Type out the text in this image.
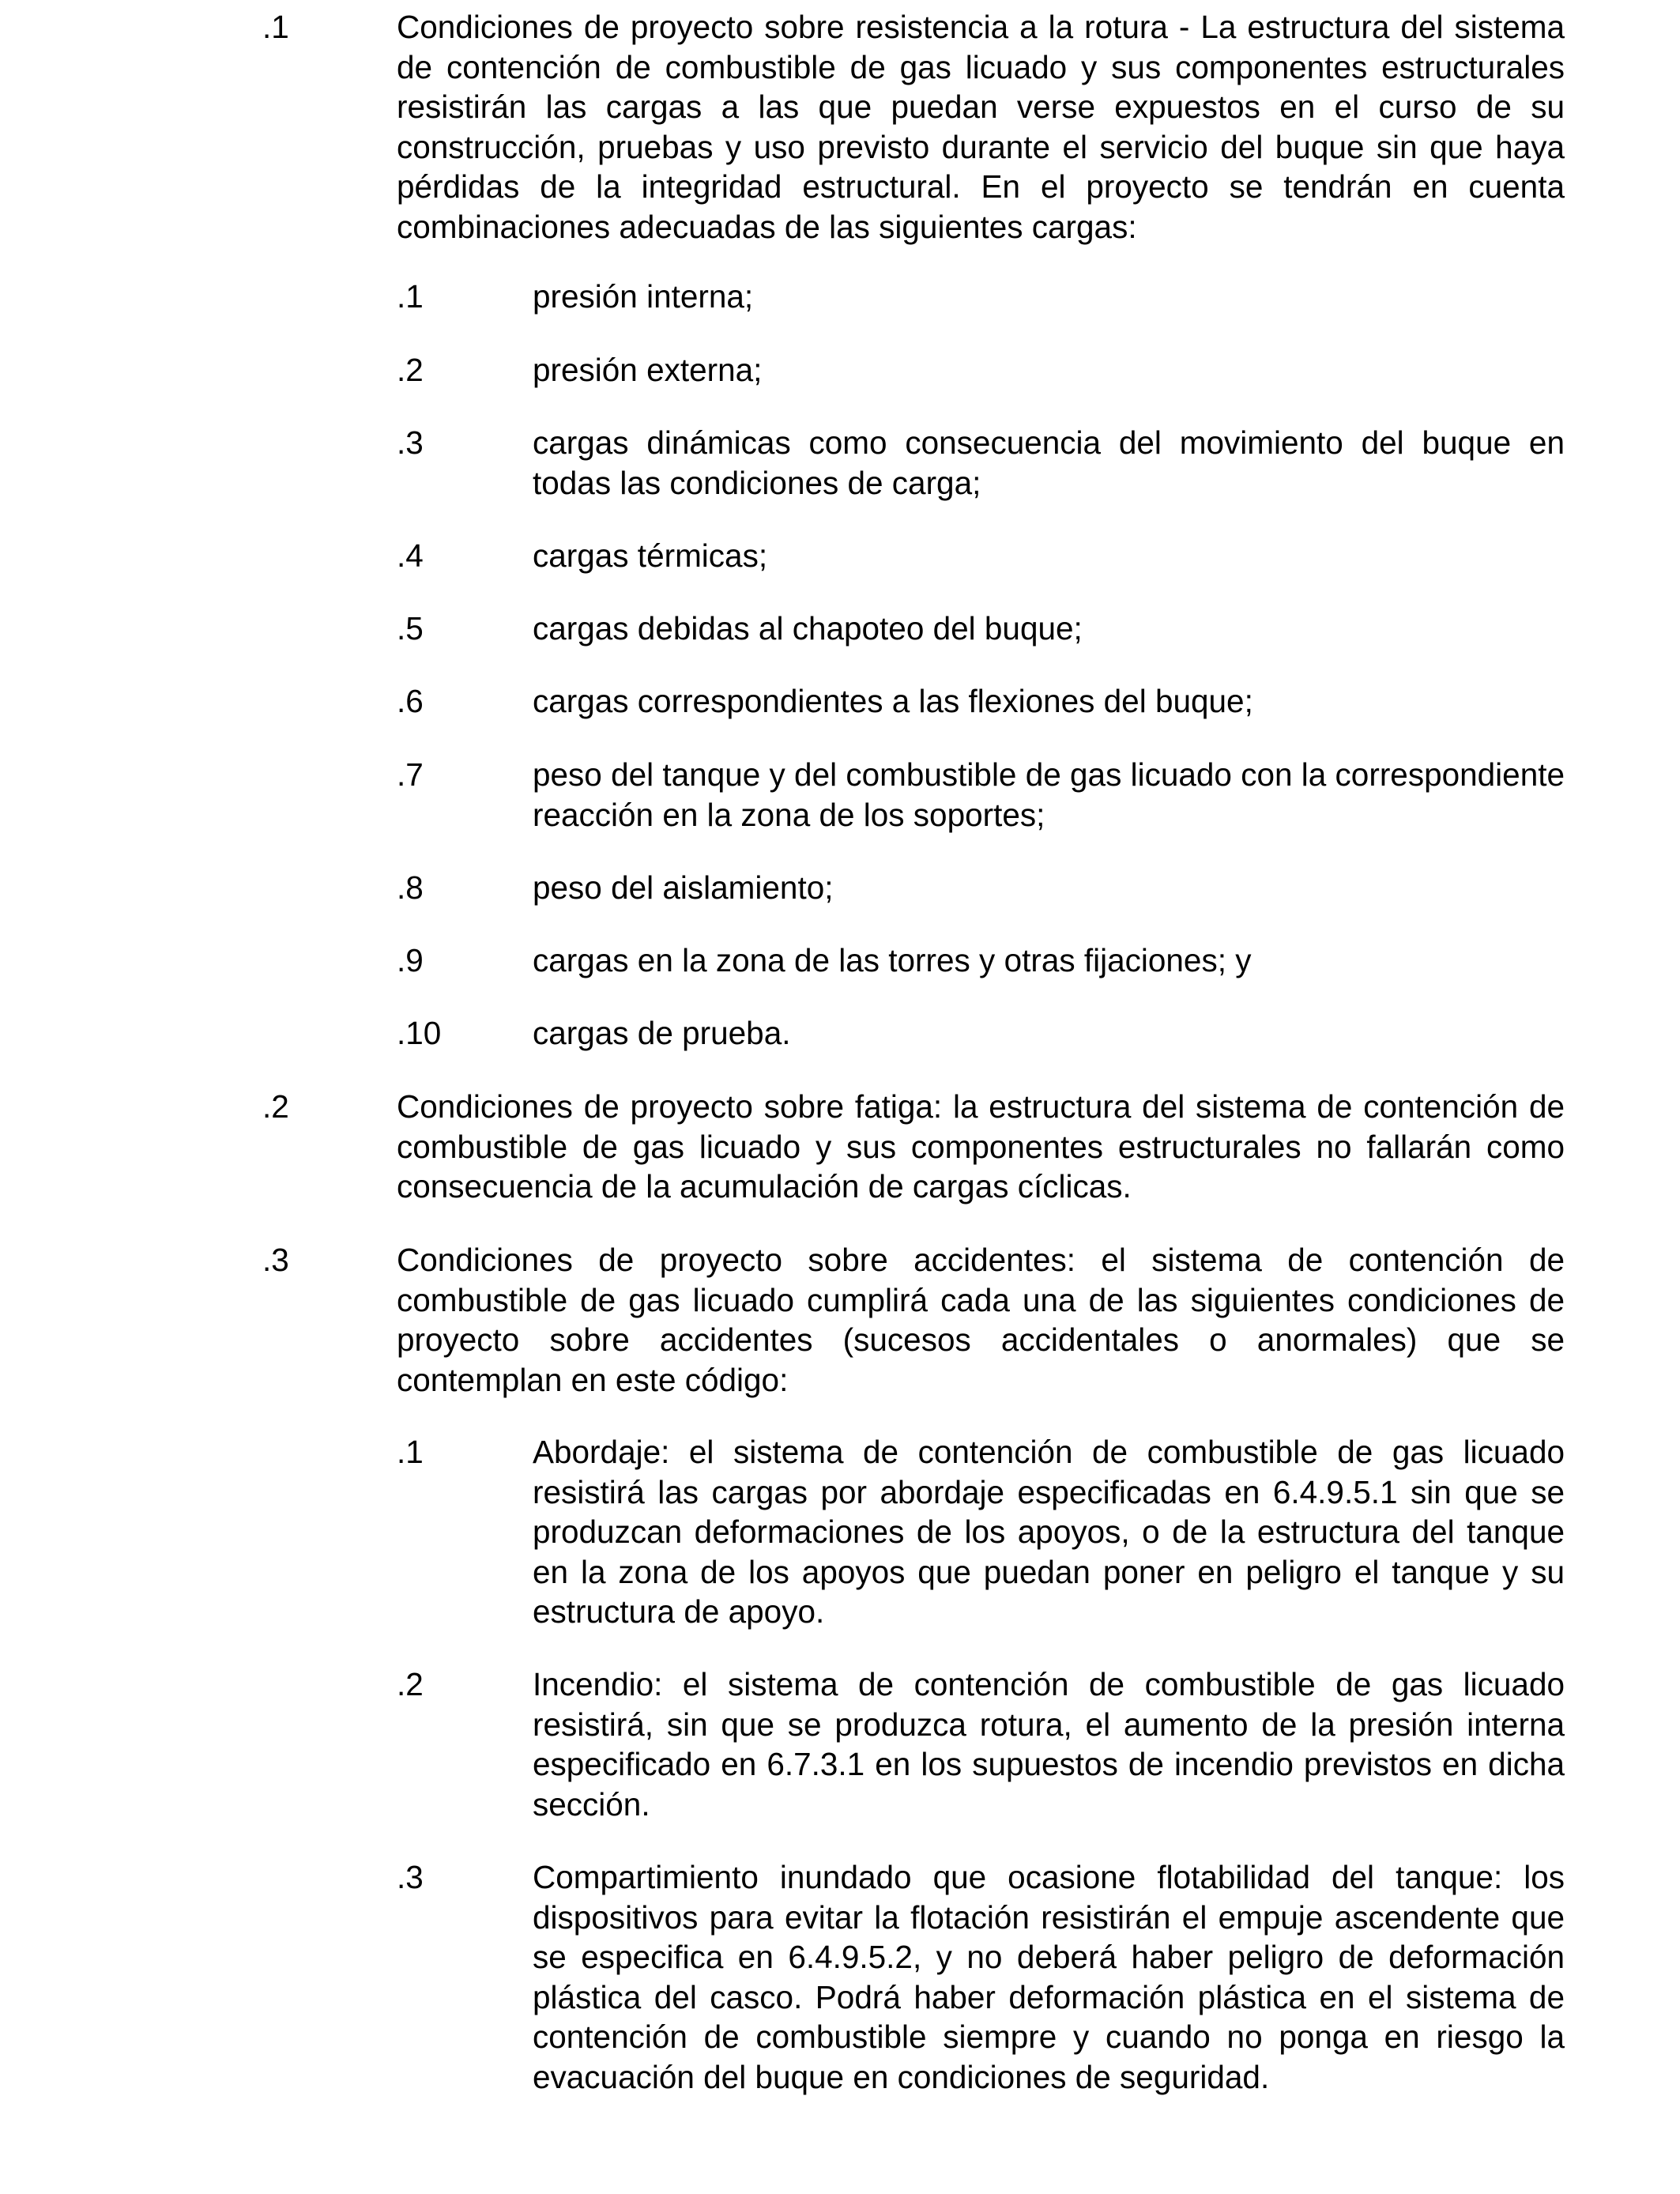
.1	Condiciones de proyecto sobre resistencia a la rotura - La estructura del sistema de contención de combustible de gas licuado y sus componentes estructurales resistirán las cargas a las que puedan verse expuestos en el curso de su construcción, pruebas y uso previsto durante el servicio del buque sin que haya pérdidas de la integridad estructural. En el proyecto se tendrán en cuenta combinaciones adecuadas de las siguientes cargas:
.1	presión interna;
.2	presión externa;
.3	cargas dinámicas como consecuencia del movimiento del buque en todas las condiciones de carga;
.4	cargas térmicas;
.5	cargas debidas al chapoteo del buque;
.6	cargas correspondientes a las flexiones del buque;
.7	peso del tanque y del combustible de gas licuado con la correspondiente reacción en la zona de los soportes;
.8	peso del aislamiento;
.9	cargas en la zona de las torres y otras fijaciones; y
.10	cargas de prueba.
.2	Condiciones de proyecto sobre fatiga: la estructura del sistema de contención de combustible de gas licuado y sus componentes estructurales no fallarán como consecuencia de la acumulación de cargas cíclicas.
.3	Condiciones de proyecto sobre accidentes: el sistema de contención de combustible de gas licuado cumplirá cada una de las siguientes condiciones de proyecto sobre accidentes (sucesos accidentales o anormales) que se contemplan en este código:
.1	Abordaje: el sistema de contención de combustible de gas licuado resistirá las cargas por abordaje especificadas en 6.4.9.5.1 sin que se produzcan deformaciones de los apoyos, o de la estructura del tanque en la zona de los apoyos que puedan poner en peligro el tanque y su estructura de apoyo.
.2	Incendio: el sistema de contención de combustible de gas licuado resistirá, sin que se produzca rotura, el aumento de la presión interna especificado en 6.7.3.1 en los supuestos de incendio previstos en dicha sección.
.3	Compartimiento inundado que ocasione flotabilidad del tanque: los dispositivos para evitar la flotación resistirán el empuje ascendente que se especifica en 6.4.9.5.2, y no deberá haber peligro de deformación plástica del casco. Podrá haber deformación plástica en el sistema de contención de combustible siempre y cuando no ponga en riesgo la evacuación del buque en condiciones de seguridad.
